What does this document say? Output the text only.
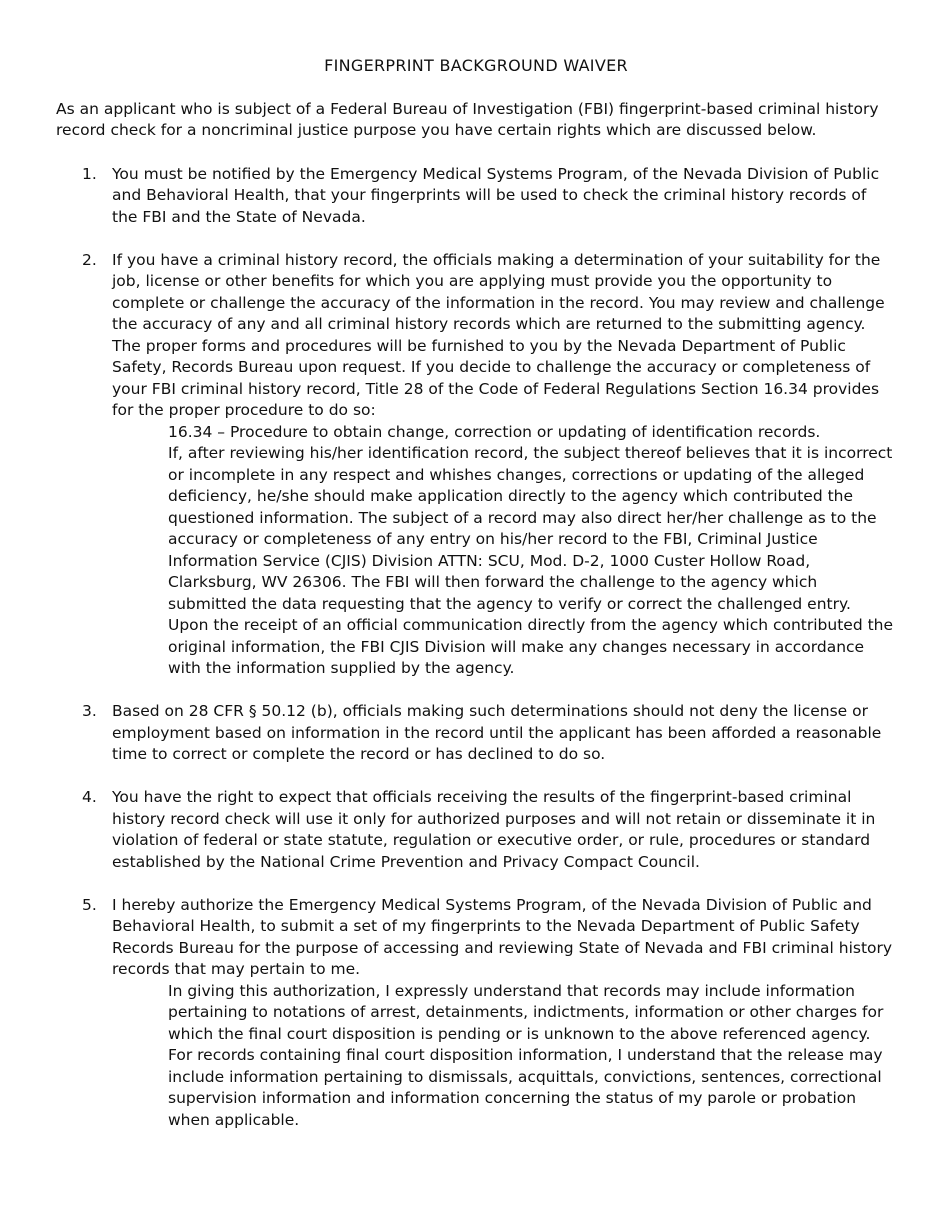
FINGERPRINT BACKGROUND WAIVER

As an applicant who is subject of a Federal Bureau of Investigation (FBI) fingerprint-based criminal history record check for a noncriminal justice purpose you have certain rights which are discussed below.

1. You must be notified by the Emergency Medical Systems Program, of the Nevada Division of Public and Behavioral Health, that your fingerprints will be used to check the criminal history records of the FBI and the State of Nevada.

2. If you have a criminal history record, the officials making a determination of your suitability for the job, license or other benefits for which you are applying must provide you the opportunity to complete or challenge the accuracy of the information in the record. You may review and challenge the accuracy of any and all criminal history records which are returned to the submitting agency. The proper forms and procedures will be furnished to you by the Nevada Department of Public Safety, Records Bureau upon request. If you decide to challenge the accuracy or completeness of your FBI criminal history record, Title 28 of the Code of Federal Regulations Section 16.34 provides for the proper procedure to do so:

16.34 – Procedure to obtain change, correction or updating of identification records.

If, after reviewing his/her identification record, the subject thereof believes that it is incorrect or incomplete in any respect and whishes changes, corrections or updating of the alleged deficiency, he/she should make application directly to the agency which contributed the questioned information. The subject of a record may also direct her/her challenge as to the accuracy or completeness of any entry on his/her record to the FBI, Criminal Justice Information Service (CJIS) Division ATTN: SCU, Mod. D-2, 1000 Custer Hollow Road, Clarksburg, WV 26306. The FBI will then forward the challenge to the agency which submitted the data requesting that the agency to verify or correct the challenged entry. Upon the receipt of an official communication directly from the agency which contributed the original information, the FBI CJIS Division will make any changes necessary in accordance with the information supplied by the agency.

3. Based on 28 CFR § 50.12 (b), officials making such determinations should not deny the license or employment based on information in the record until the applicant has been afforded a reasonable time to correct or complete the record or has declined to do so.

4. You have the right to expect that officials receiving the results of the fingerprint-based criminal history record check will use it only for authorized purposes and will not retain or disseminate it in violation of federal or state statute, regulation or executive order, or rule, procedures or standard established by the National Crime Prevention and Privacy Compact Council.

5. I hereby authorize the Emergency Medical Systems Program, of the Nevada Division of Public and Behavioral Health, to submit a set of my fingerprints to the Nevada Department of Public Safety Records Bureau for the purpose of accessing and reviewing State of Nevada and FBI criminal history records that may pertain to me.

In giving this authorization, I expressly understand that records may include information pertaining to notations of arrest, detainments, indictments, information or other charges for which the final court disposition is pending or is unknown to the above referenced agency. For records containing final court disposition information, I understand that the release may include information pertaining to dismissals, acquittals, convictions, sentences, correctional supervision information and information concerning the status of my parole or probation when applicable.
